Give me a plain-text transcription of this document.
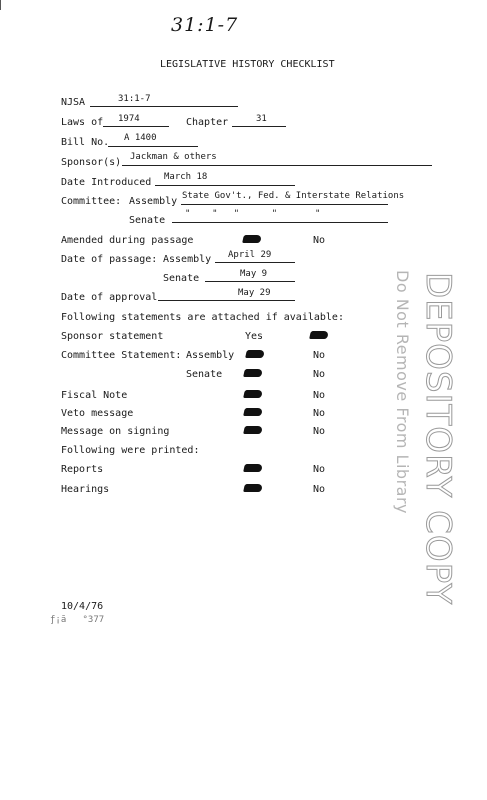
31:1-7
LEGISLATIVE HISTORY CHECKLIST
NJSA	31:1-7
Laws of 1974	Chapter	31
Bill No. A 1400
Sponsor(s) Jackman & others
Date Introduced March 18
Committee: Assembly State Gov't., Fed. & Interstate Relations
Senate
"    "   "      "       "
Amended during passage	No
Date of passage: Assembly April 29
Senate	May 9
Date of approval	May 29
Following statements are attached if available:
Sponsor statement	Yes
Committee Statement: Assembly	No
Senate	No
Fiscal Note	No
Veto message	No
Message on signing	No
Following were printed:
Reports	No
Hearings	No	DEPOSITORY COPY
Do Not Remove From Library
10/4/76
ƒ¡ā   °377
